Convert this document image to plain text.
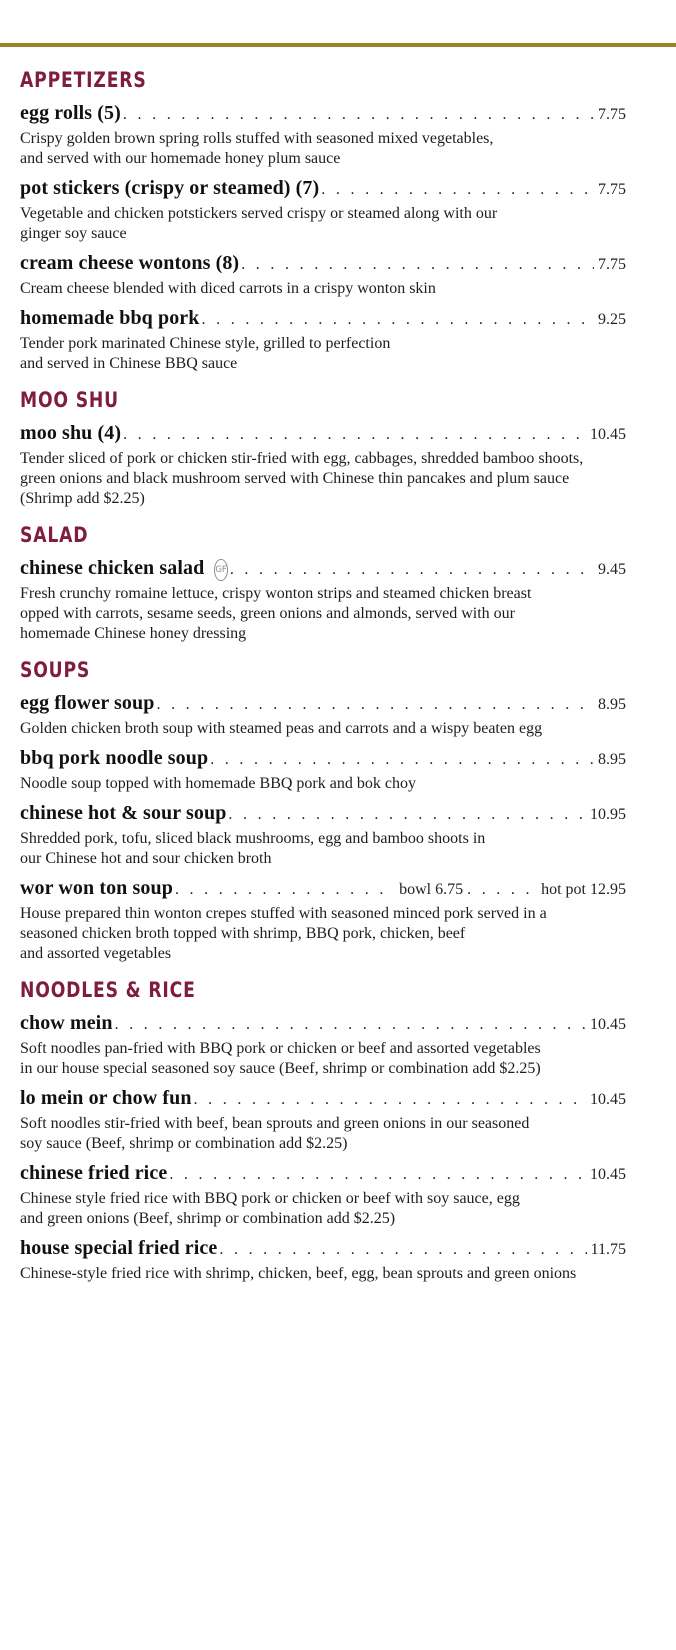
APPETIZERS
egg rolls (5) . . .	7.75
Crispy golden brown spring rolls stuffed with seasoned mixed vegetables,
and served with our homemade honey plum sauce
pot stickers (crispy or steamed) (7) . . .	7.75
Vegetable and chicken potstickers served crispy or steamed along with our
ginger soy sauce
cream cheese wontons (8) . . .	7.75
Cream cheese blended with diced carrots in a crispy wonton skin
homemade bbq pork . . .	9.25
Tender pork marinated Chinese style, grilled to perfection
and served in Chinese BBQ sauce
MOO SHU
moo shu (4) . . .	10.45
Tender sliced of pork or chicken stir-fried with egg, cabbages, shredded bamboo shoots,
green onions and black mushroom served with Chinese thin pancakes and plum sauce
(Shrimp add $2.25)
SALAD
chinese chicken salad GF . . .	9.45
Fresh crunchy romaine lettuce, crispy wonton strips and steamed chicken breast
opped with carrots, sesame seeds, green onions and almonds, served with our
homemade Chinese honey dressing
SOUPS
egg flower soup . . .	8.95
Golden chicken broth soup with steamed peas and carrots and a wispy beaten egg
bbq pork noodle soup . . .	8.95
Noodle soup topped with homemade BBQ pork and bok choy
chinese hot & sour soup . . .	10.95
Shredded pork, tofu, sliced black mushrooms, egg and bamboo shoots in
our Chinese hot and sour chicken broth
wor won ton soup . . .	bowl 6.75 . . .	hot pot 12.95
House prepared thin wonton crepes stuffed with seasoned minced pork served in a
seasoned chicken broth topped with shrimp, BBQ pork, chicken, beef
and assorted vegetables
NOODLES & RICE
chow mein . . .	10.45
Soft noodles pan-fried with BBQ pork or chicken or beef and assorted vegetables
in our house special seasoned soy sauce (Beef, shrimp or combination add $2.25)
lo mein or chow fun . . .	10.45
Soft noodles stir-fried with beef, bean sprouts and green onions in our seasoned
soy sauce (Beef, shrimp or combination add $2.25)
chinese fried rice . . .	10.45
Chinese style fried rice with BBQ pork or chicken or beef with soy sauce, egg
and green onions (Beef, shrimp or combination add $2.25)
house special fried rice . . .	11.75
Chinese-style fried rice with shrimp, chicken, beef, egg, bean sprouts and green onions
